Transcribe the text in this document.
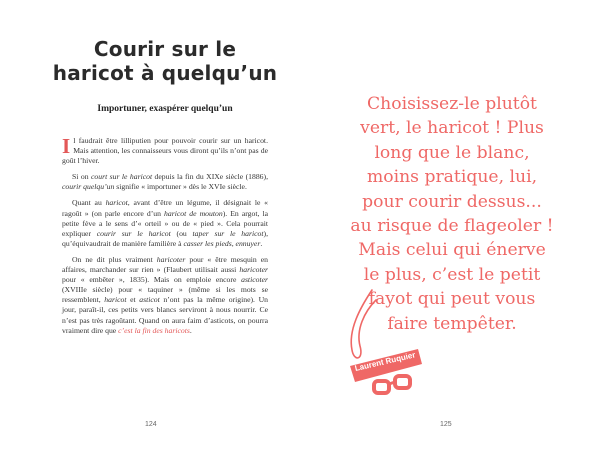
Courir sur le
haricot à quelqu’un
Importuner, exaspérer quelqu’un

Il faudrait être lilliputien pour pouvoir courir sur un haricot. Mais attention, les connaisseurs vous diront qu’ils n’ont pas de goût l’hiver.

Si on court sur le haricot depuis la fin du XIXe siècle (1886), courir quelqu’un signifie « importuner » dès le XVIe siècle.

Quant au haricot, avant d’être un légume, il désignait le « ragoût » (on parle encore d’un haricot de mouton). En argot, la petite fève a le sens d’« orteil » ou de « pied ». Cela pourrait expliquer courir sur le haricot (ou taper sur le haricot), qu’équivaudrait de manière familière à casser les pieds, ennuyer.

On ne dit plus vraiment haricoter pour « être mesquin en affaires, marchander sur rien » (Flaubert utilisait aussi haricoter pour « embêter », 1835). Mais on emploie encore asticoter (XVIIIe siècle) pour « taquiner » (même si les mots se ressemblent, haricot et asticot n’ont pas la même origine). Un jour, paraît-il, ces petits vers blancs serviront à nous nourrir. Ce n’est pas très ragoûtant. Quand on aura faim d’asticots, on pourra vraiment dire que c’est la fin des haricots.

124
Choisissez-le plutôt
vert, le haricot ! Plus
long que le blanc,
moins pratique, lui,
pour courir dessus...
au risque de flageoler !
Mais celui qui énerve
le plus, c’est le petit
fayot qui peut vous
faire tempêter.
Laurent Ruquier
125
